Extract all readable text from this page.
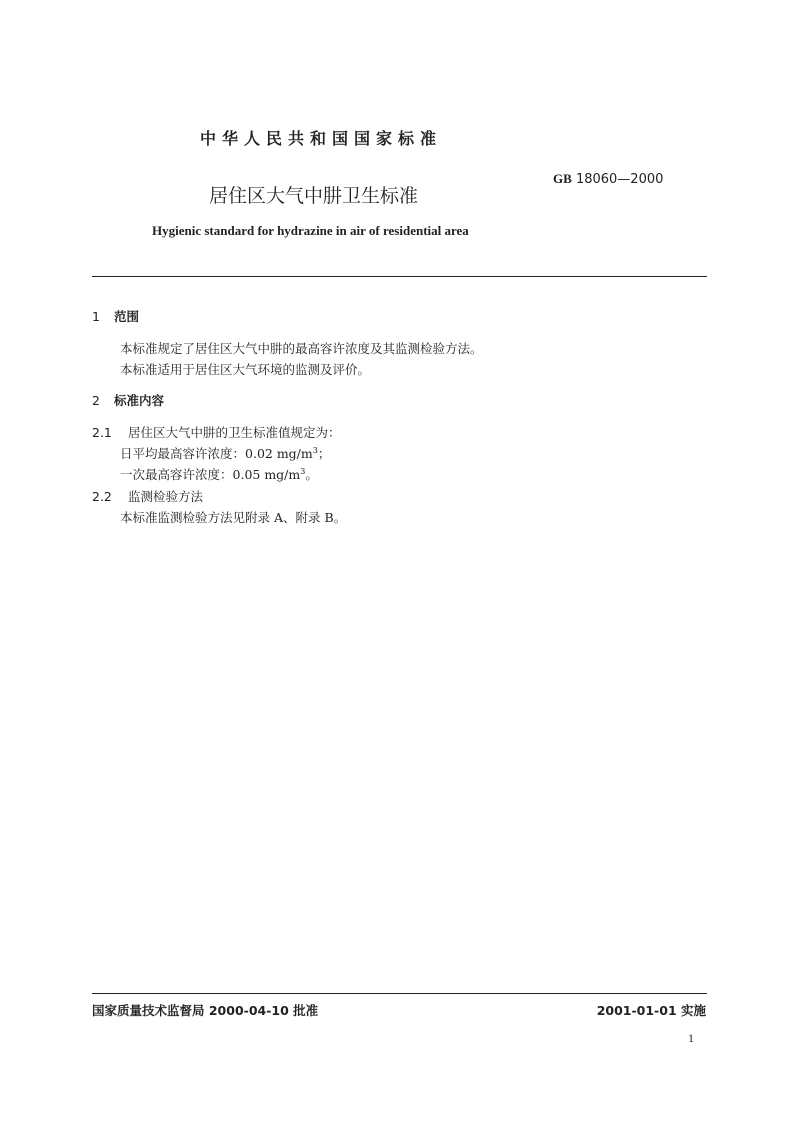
中华人民共和国国家标准
GB 18060—2000
居住区大气中肼卫生标准
Hygienic standard for hydrazine in air of residential area
1 范围
本标准规定了居住区大气中肼的最高容许浓度及其监测检验方法。
本标准适用于居住区大气环境的监测及评价。
2 标准内容
2.1 居住区大气中肼的卫生标准值规定为：
日平均最高容许浓度：0.02 $mg/m^3$；
一次最高容许浓度：0.05 $mg/m^3$。
2.2 监测检验方法
本标准监测检验方法见附录 A、附录 B。
国家质量技术监督局 2000-04-10 批准	2001-01-01 实施
1
